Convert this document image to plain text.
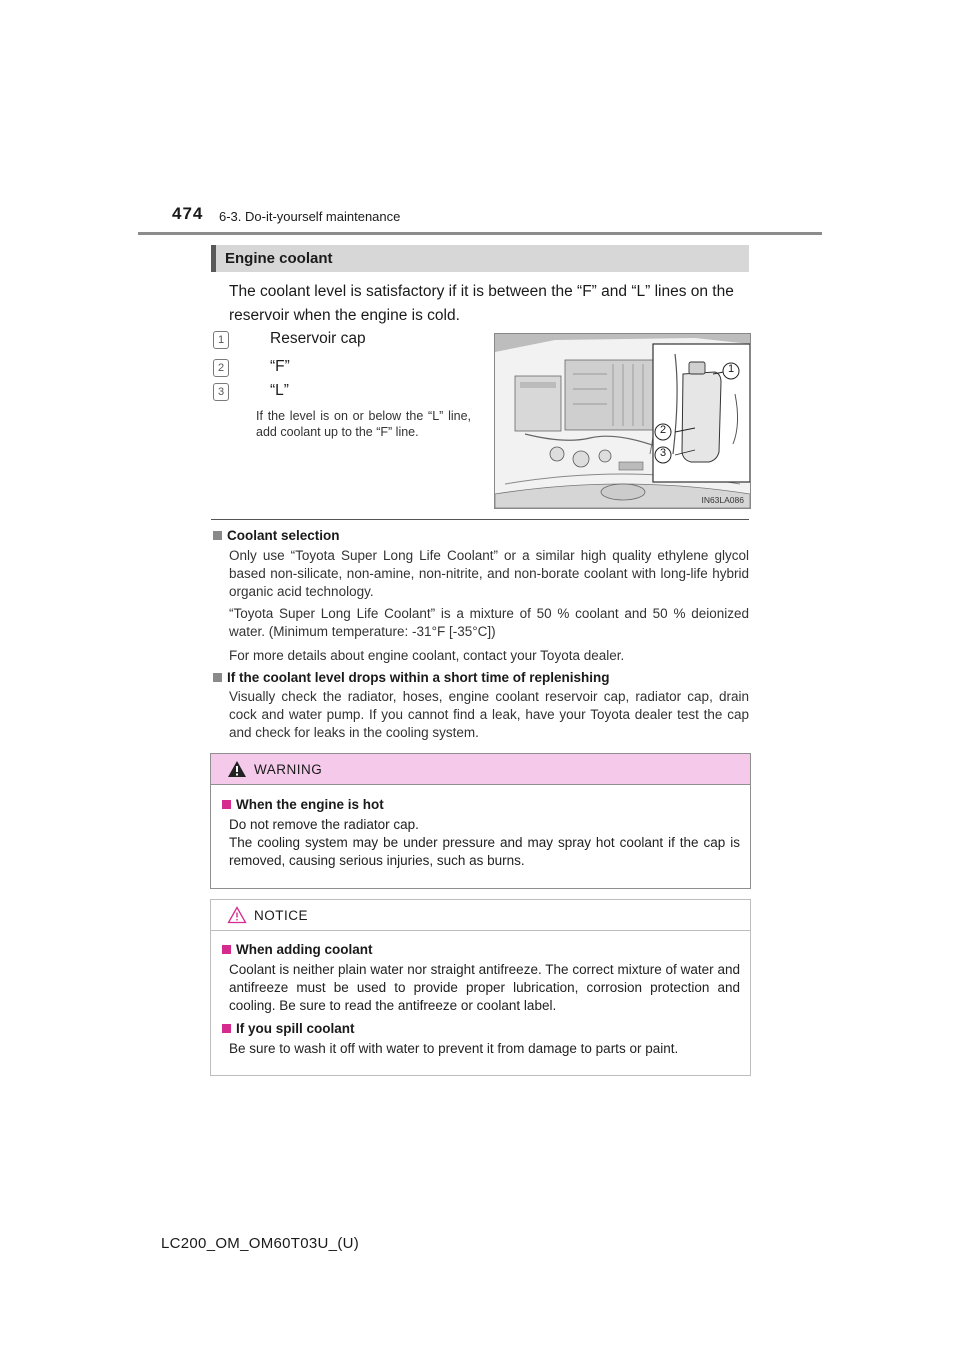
474 6-3. Do-it-yourself maintenance
Engine coolant
The coolant level is satisfactory if it is between the “F” and “L” lines on the reservoir when the engine is cold.
1	Reservoir cap
2	“F”
3	“L”
If the level is on or below the “L” line, add coolant up to the “F” line.
1
2
3
IN63LA086
Coolant selection
Only use “Toyota Super Long Life Coolant” or a similar high quality ethylene glycol based non-silicate, non-amine, non-nitrite, and non-borate coolant with long-life hybrid organic acid technology.
“Toyota Super Long Life Coolant” is a mixture of 50 % coolant and 50 % deionized water. (Minimum temperature: -31°F [-35°C])
For more details about engine coolant, contact your Toyota dealer.
If the coolant level drops within a short time of replenishing
Visually check the radiator, hoses, engine coolant reservoir cap, radiator cap, drain cock and water pump. If you cannot find a leak, have your Toyota dealer test the cap and check for leaks in the cooling system.
WARNING
When the engine is hot
Do not remove the radiator cap.
The cooling system may be under pressure and may spray hot coolant if the cap is removed, causing serious injuries, such as burns.
NOTICE
When adding coolant
Coolant is neither plain water nor straight antifreeze. The correct mixture of water and antifreeze must be used to provide proper lubrication, corrosion protection and cooling. Be sure to read the antifreeze or coolant label.
If you spill coolant
Be sure to wash it off with water to prevent it from damage to parts or paint.
LC200_OM_OM60T03U_(U)
